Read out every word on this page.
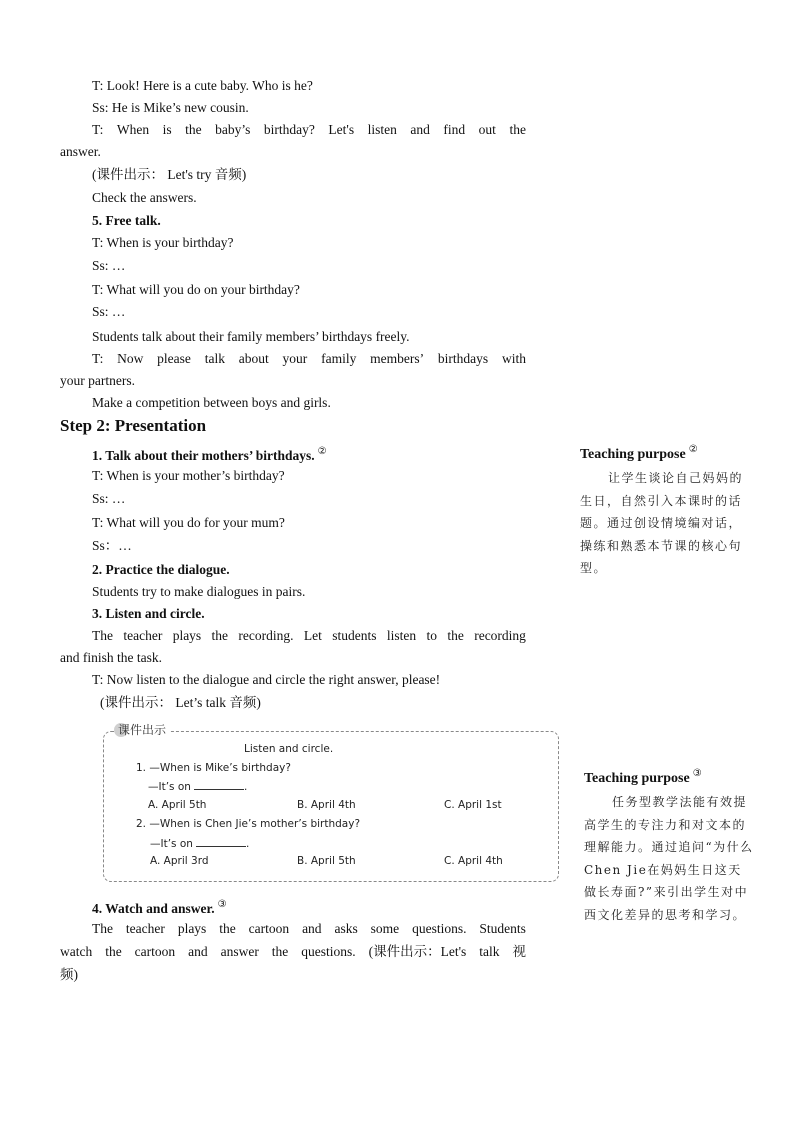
T: Look! Here is a cute baby. Who is he?
Ss: He is Mike’s new cousin.
T: When is the baby’s birthday? Let's listen and find out the
answer.
(课件出示： Let's try 音频)
Check the answers.
5. Free talk.
T: When is your birthday?
Ss: …
T: What will you do on your birthday?
Ss: …
Students talk about their family members’ birthdays freely.
T: Now please talk about your family members’ birthdays with
your partners.
Make a competition between boys and girls.
Step 2: Presentation
1. Talk about their mothers’ birthdays. ②
T: When is your mother’s birthday?
Ss: …
T: What will you do for your mum?
Ss：…
2. Practice the dialogue.
Students try to make dialogues in pairs.
3. Listen and circle.
The teacher plays the recording. Let students listen to the recording
and finish the task.
T: Now listen to the dialogue and circle the right answer, please!
(课件出示： Let’s talk 音频)
4. Watch and answer. ③
The teacher plays the cartoon and asks some questions. Students
watch the cartoon and answer the questions. (课件出示：Let's talk 视
频)
课件出示
Listen and circle.
1. —When is Mike’s birthday?
—It’s on	.
A. April 5th	B. April 4th	C. April 1st
2. —When is Chen Jie’s mother’s birthday?
—It’s on	.
A. April 3rd	B. April 5th	C. April 4th
Teaching purpose ②
让学生谈论自己妈妈的生日，自然引入本课时的话题。通过创设情境编对话，操练和熟悉本节课的核心句型。
Teaching purpose ③
任务型教学法能有效提高学生的专注力和对文本的理解能力。通过追问“为什么Chen Jie在妈妈生日这天做长寿面?”来引出学生对中西文化差异的思考和学习。
